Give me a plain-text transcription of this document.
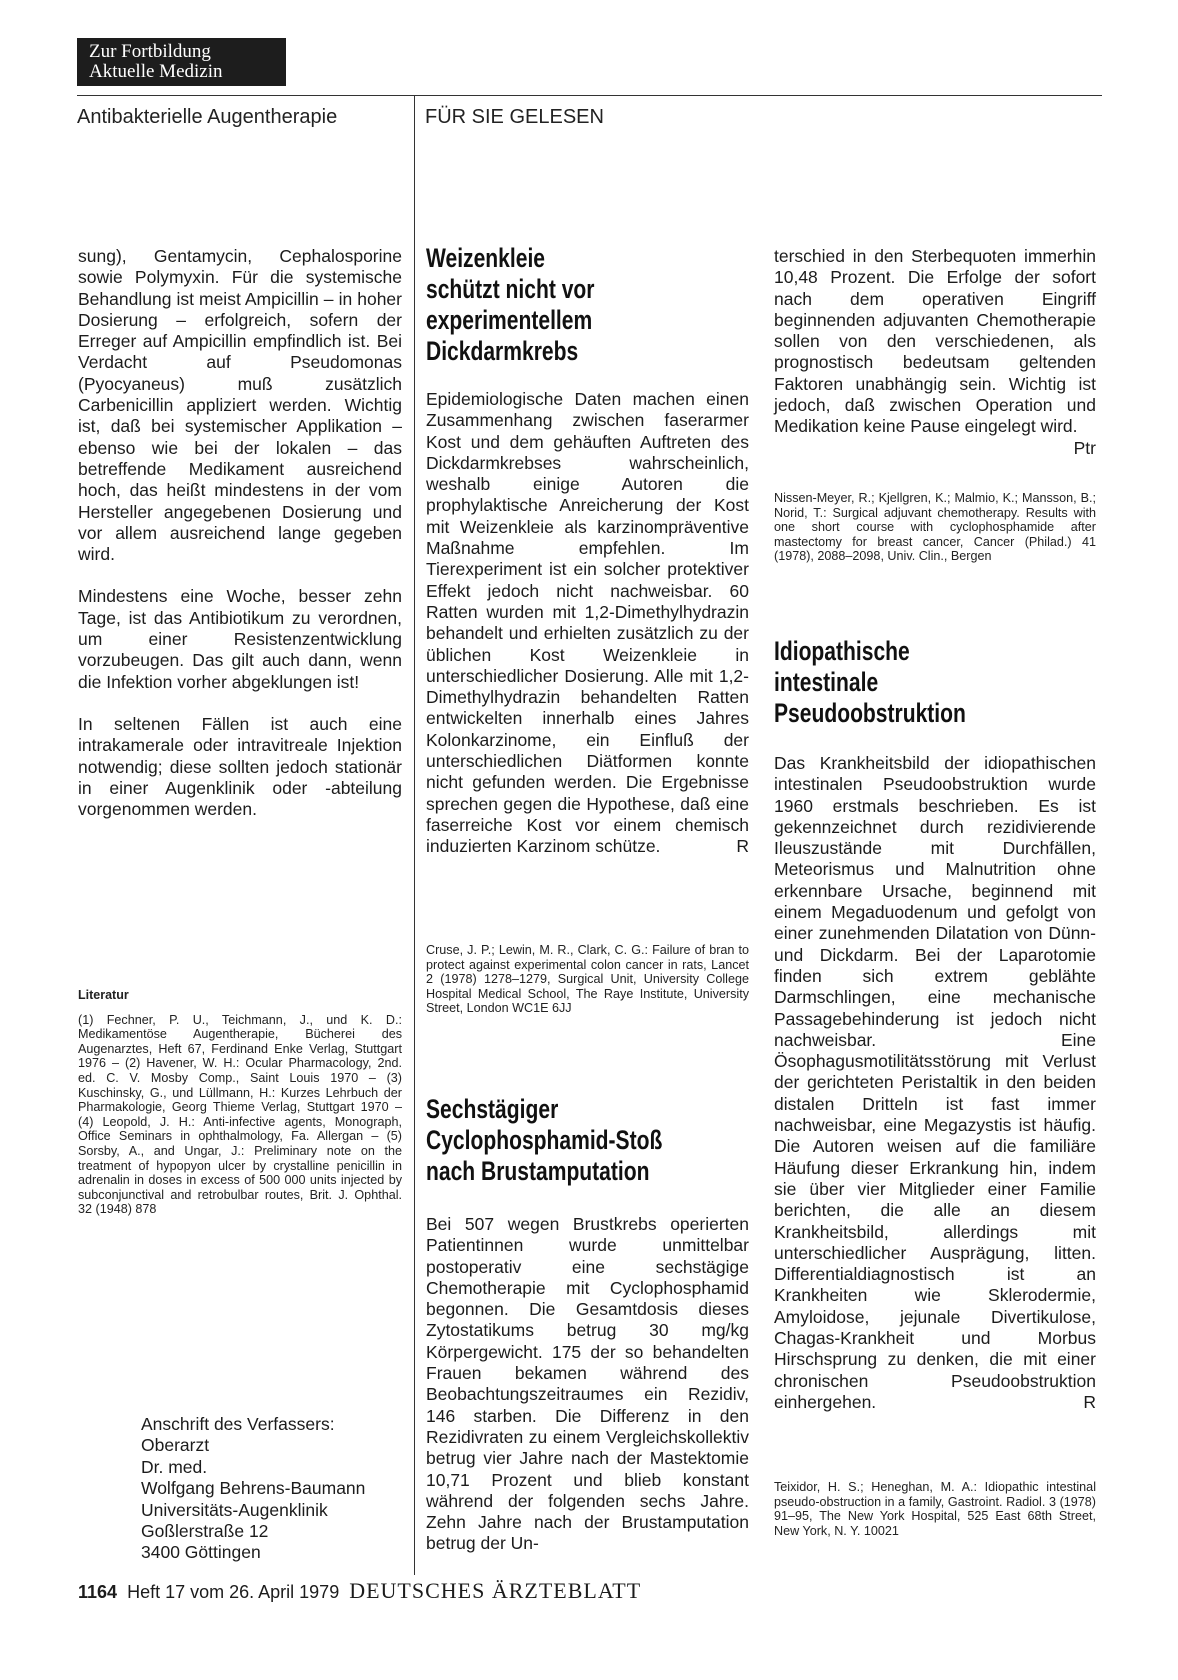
Zur Fortbildung
Aktuelle Medizin
Antibakterielle Augentherapie	FÜR SIE GELESEN

sung), Gentamycin, Cephalosporine sowie Polymyxin. Für die systemische Behandlung ist meist Ampicillin – in hoher Dosierung – erfolgreich, sofern der Erreger auf Ampicillin empfindlich ist. Bei Verdacht auf Pseudomonas (Pyocyaneus) muß zusätzlich Carbenicillin appliziert werden. Wichtig ist, daß bei systemischer Applikation – ebenso wie bei der lokalen – das betreffende Medikament ausreichend hoch, das heißt mindestens in der vom Hersteller angegebenen Dosierung und vor allem ausreichend lange gegeben wird.

Mindestens eine Woche, besser zehn Tage, ist das Antibiotikum zu verordnen, um einer Resistenzentwicklung vorzubeugen. Das gilt auch dann, wenn die Infektion vorher abgeklungen ist!

In seltenen Fällen ist auch eine intrakamerale oder intravitreale Injektion notwendig; diese sollten jedoch stationär in einer Augenklinik oder -abteilung vorgenommen werden.

Literatur

(1) Fechner, P. U., Teichmann, J., und K. D.: Medikamentöse Augentherapie, Bücherei des Augenarztes, Heft 67, Ferdinand Enke Verlag, Stuttgart 1976 – (2) Havener, W. H.: Ocular Pharmacology, 2nd. ed. C. V. Mosby Comp., Saint Louis 1970 – (3) Kuschinsky, G., und Lüllmann, H.: Kurzes Lehrbuch der Pharmakologie, Georg Thieme Verlag, Stuttgart 1970 – (4) Leopold, J. H.: Anti-infective agents, Monograph, Office Seminars in ophthalmology, Fa. Allergan – (5) Sorsby, A., and Ungar, J.: Preliminary note on the treatment of hypopyon ulcer by crystalline penicillin in adrenalin in doses in excess of 500 000 units injected by subconjunctival and retrobulbar routes, Brit. J. Ophthal. 32 (1948) 878

Anschrift des Verfassers:
Oberarzt
Dr. med.
Wolfgang Behrens-Baumann
Universitäts-Augenklinik
Goßlerstraße 12
3400 Göttingen
Weizenkleie
schützt nicht vor
experimentellem
Dickdarmkrebs

Epidemiologische Daten machen einen Zusammenhang zwischen faserarmer Kost und dem gehäuften Auftreten des Dickdarmkrebses wahrscheinlich, weshalb einige Autoren die prophylaktische Anreicherung der Kost mit Weizenkleie als karzinompräventive Maßnahme empfehlen. Im Tierexperiment ist ein solcher protektiver Effekt jedoch nicht nachweisbar. 60 Ratten wurden mit 1,2-Dimethylhydrazin behandelt und erhielten zusätzlich zu der üblichen Kost Weizenkleie in unterschiedlicher Dosierung. Alle mit 1,2-Dimethylhydrazin behandelten Ratten entwickelten innerhalb eines Jahres Kolonkarzinome, ein Einfluß der unterschiedlichen Diätformen konnte nicht gefunden werden. Die Ergebnisse sprechen gegen die Hypothese, daß eine faserreiche Kost vor einem chemisch induzierten Karzinom schütze.	R

Cruse, J. P.; Lewin, M. R., Clark, C. G.: Failure of bran to protect against experimental colon cancer in rats, Lancet 2 (1978) 1278–1279, Surgical Unit, University College Hospital Medical School, The Raye Institute, University Street, London WC1E 6JJ
Sechstägiger
Cyclophosphamid-Stoß
nach Brustamputation

Bei 507 wegen Brustkrebs operierten Patientinnen wurde unmittelbar postoperativ eine sechstägige Chemotherapie mit Cyclophosphamid begonnen. Die Gesamtdosis dieses Zytostatikums betrug 30 mg/kg Körpergewicht. 175 der so behandelten Frauen bekamen während des Beobachtungszeitraumes ein Rezidiv, 146 starben. Die Differenz in den Rezidivraten zu einem Vergleichskollektiv betrug vier Jahre nach der Mastektomie 10,71 Prozent und blieb konstant während der folgenden sechs Jahre. Zehn Jahre nach der Brustamputation betrug der Un-

terschied in den Sterbequoten immerhin 10,48 Prozent. Die Erfolge der sofort nach dem operativen Eingriff beginnenden adjuvanten Chemotherapie sollen von den verschiedenen, als prognostisch bedeutsam geltenden Faktoren unabhängig sein. Wichtig ist jedoch, daß zwischen Operation und Medikation keine Pause eingelegt wird.
Ptr

Nissen-Meyer, R.; Kjellgren, K.; Malmio, K.; Mansson, B.; Norid, T.: Surgical adjuvant chemotherapy. Results with one short course with cyclophosphamide after mastectomy for breast cancer, Cancer (Philad.) 41 (1978), 2088–2098, Univ. Clin., Bergen
Idiopathische
intestinale
Pseudoobstruktion

Das Krankheitsbild der idiopathischen intestinalen Pseudoobstruktion wurde 1960 erstmals beschrieben. Es ist gekennzeichnet durch rezidivierende Ileuszustände mit Durchfällen, Meteorismus und Malnutrition ohne erkennbare Ursache, beginnend mit einem Megaduodenum und gefolgt von einer zunehmenden Dilatation von Dünn- und Dickdarm. Bei der Laparotomie finden sich extrem geblähte Darmschlingen, eine mechanische Passagebehinderung ist jedoch nicht nachweisbar. Eine Ösophagusmotilitätsstörung mit Verlust der gerichteten Peristaltik in den beiden distalen Dritteln ist fast immer nachweisbar, eine Megazystis ist häufig. Die Autoren weisen auf die familiäre Häufung dieser Erkrankung hin, indem sie über vier Mitglieder einer Familie berichten, die alle an diesem Krankheitsbild, allerdings mit unterschiedlicher Ausprägung, litten. Differentialdiagnostisch ist an Krankheiten wie Sklerodermie, Amyloidose, jejunale Divertikulose, Chagas-Krankheit und Morbus Hirschsprung zu denken, die mit einer chronischen Pseudoobstruktion einhergehen.	R

Teixidor, H. S.; Heneghan, M. A.: Idiopathic intestinal pseudo-obstruction in a family, Gastroint. Radiol. 3 (1978) 91–95, The New York Hospital, 525 East 68th Street, New York, N. Y. 10021
1164 Heft 17 vom 26. April 1979 DEUTSCHES ÄRZTEBLATT
